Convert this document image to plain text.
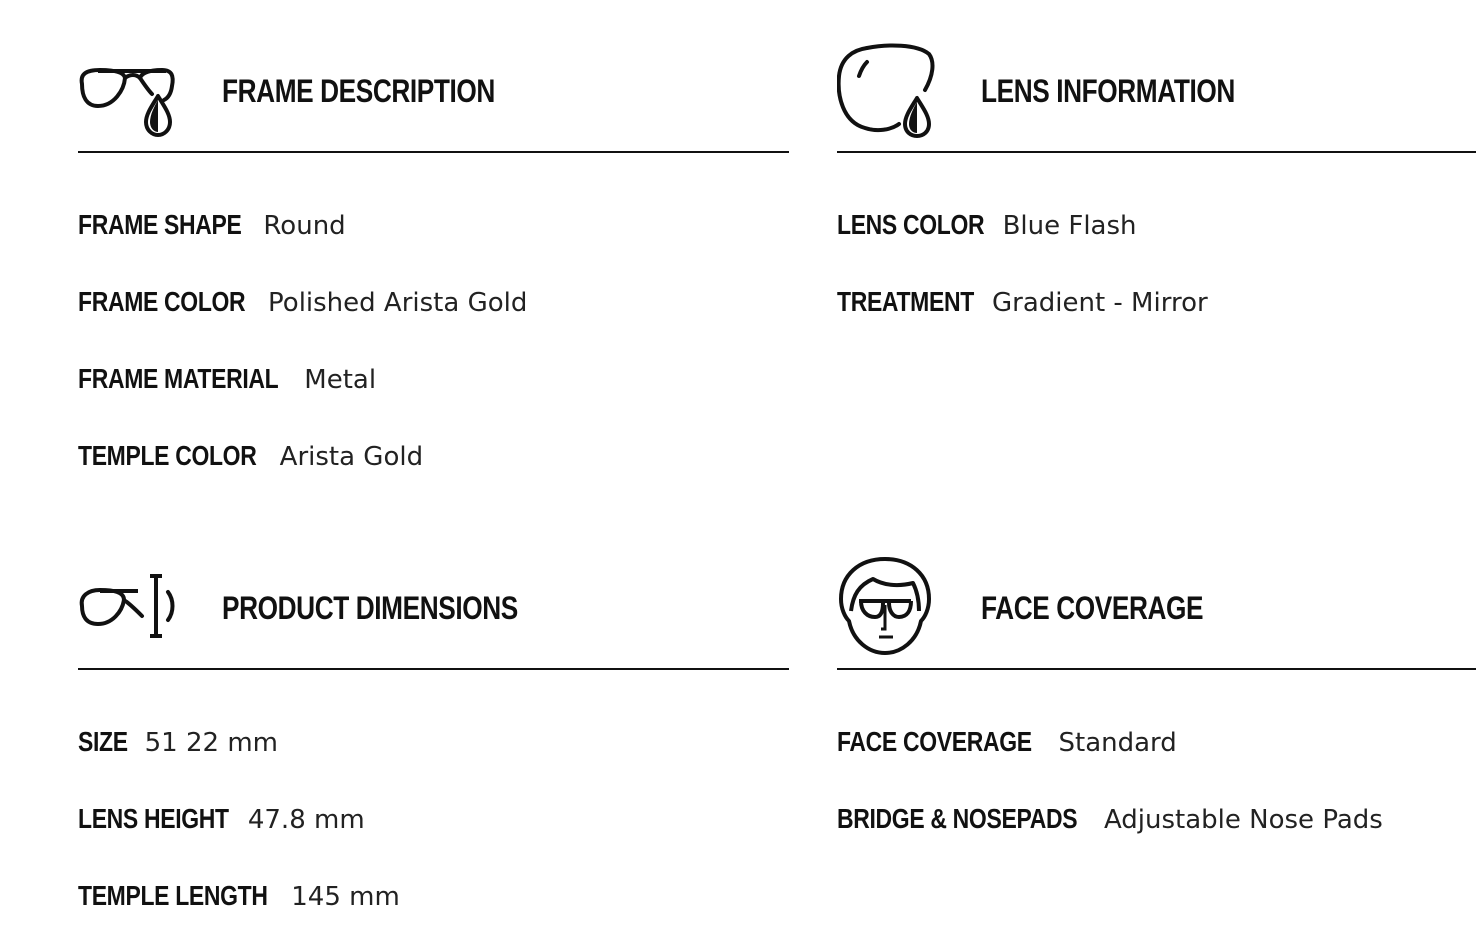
FRAME DESCRIPTION
FRAME SHAPE Round
FRAME COLOR Polished Arista Gold
FRAME MATERIAL Metal
TEMPLE COLOR Arista Gold
LENS INFORMATION
LENS COLOR Blue Flash
TREATMENT Gradient - Mirror
PRODUCT DIMENSIONS
SIZE 51 22 mm
LENS HEIGHT 47.8 mm
TEMPLE LENGTH 145 mm
FACE COVERAGE
FACE COVERAGE Standard
BRIDGE & NOSEPADS Adjustable Nose Pads
